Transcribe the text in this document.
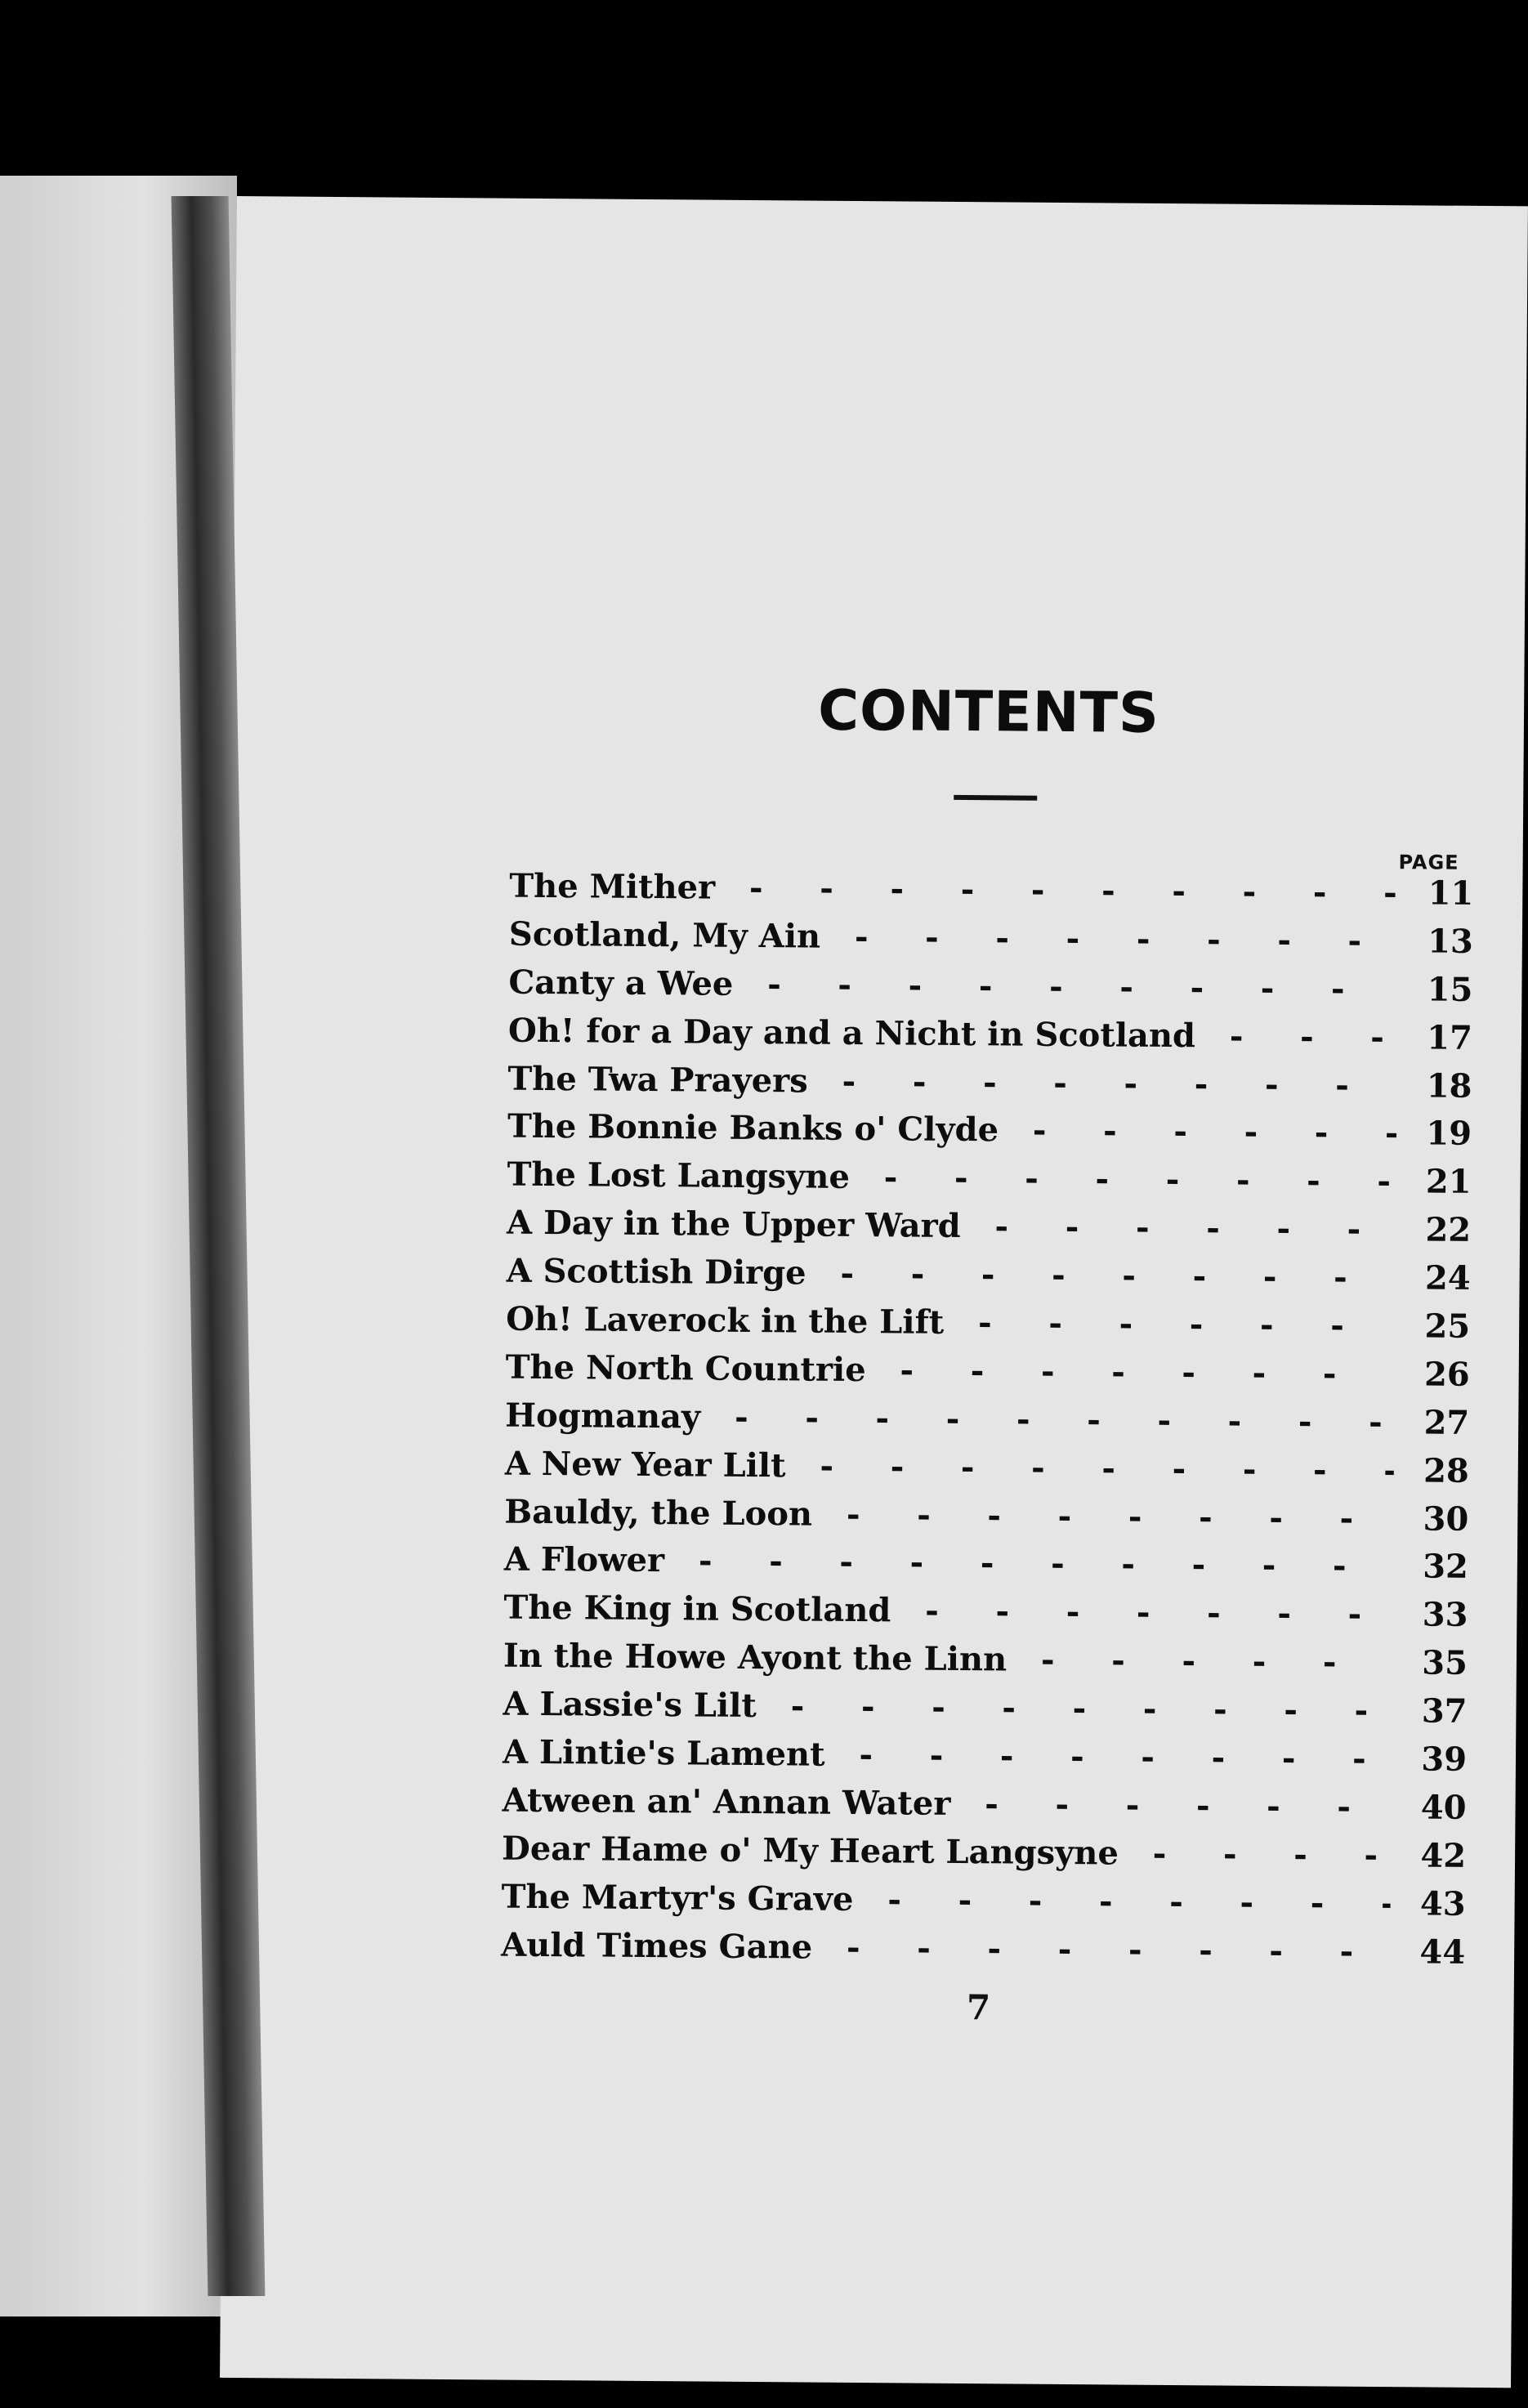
CONTENTS
PAGE
The Mither -	11
Scotland, My Ain -	13
Canty a Wee -	15
Oh! for a Day and a Nicht in Scotland -	17
The Twa Prayers -	18
The Bonnie Banks o' Clyde -	19
The Lost Langsyne -	21
A Day in the Upper Ward -	22
A Scottish Dirge -	24
Oh! Laverock in the Lift -	25
The North Countrie -	26
Hogmanay -	27
A New Year Lilt -	28
Bauldy, the Loon -	30
A Flower -	32
The King in Scotland -	33
In the Howe Ayont the Linn -	35
A Lassie's Lilt -	37
A Lintie's Lament -	39
Atween an' Annan Water -	40
Dear Hame o' My Heart Langsyne -	42
The Martyr's Grave -	43
Auld Times Gane -	44
7
